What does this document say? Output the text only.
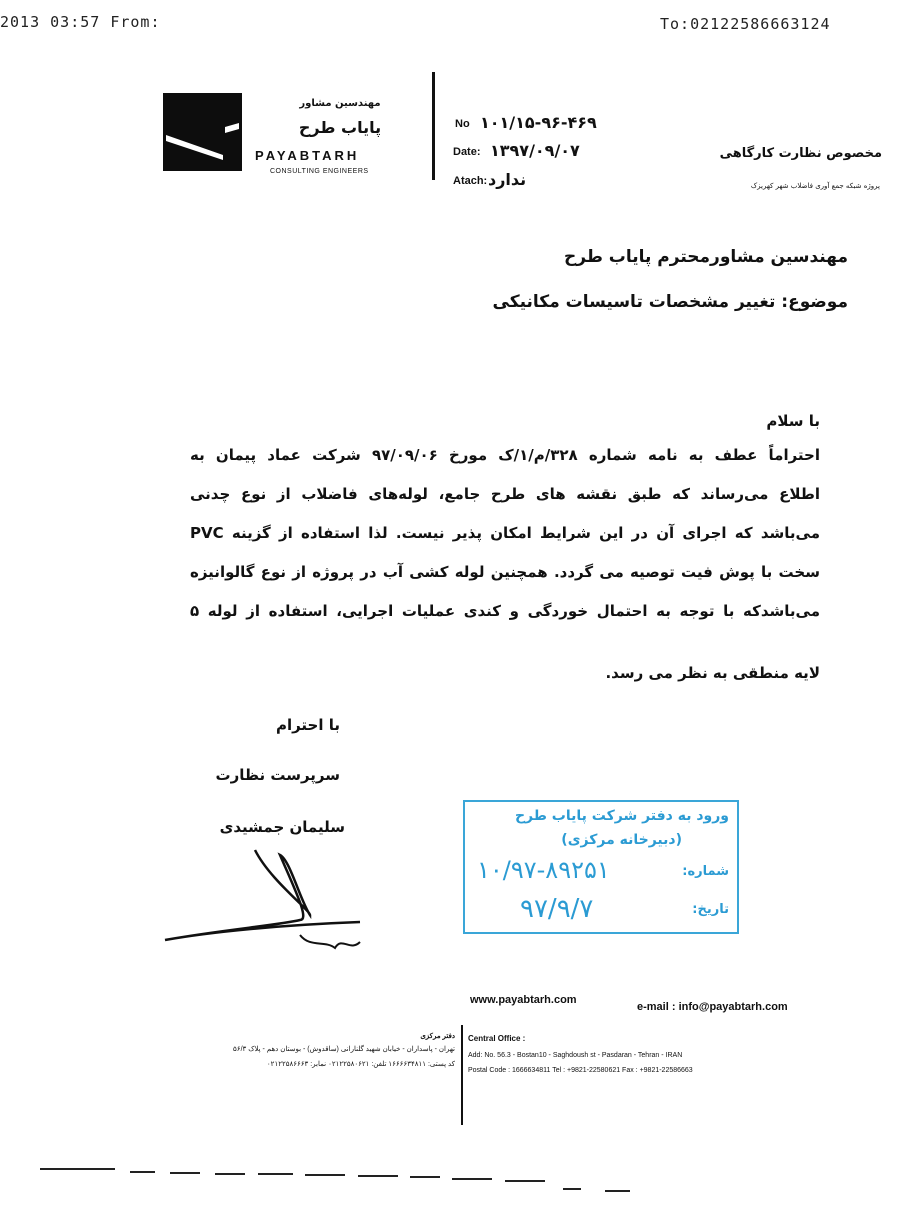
2013 03:57 From:	To:02122586663124
مهندسین مشاور
پایاب طرح
PAYABTARH
CONSULTING ENGINEERS
No ۱۰۱/۱۵-۹۶-۴۶۹
Date: ۱۳۹۷/۰۹/۰۷
Atach: ندارد
مخصوص نظارت کارگاهی
پروژه شبکه جمع آوری فاضلاب شهر کهریزک
مهندسین مشاورمحترم پایاب طرح
موضوع: تغییر مشخصات تاسیسات مکانیکی
با سلام
احتراماً عطف به نامه شماره ۳۲۸/م/۱/ک مورخ ۹۷/۰۹/۰۶ شرکت عماد پیمان به
اطلاع می‌رساند که طبق نقشه های طرح جامع، لوله‌های فاضلاب از نوع چدنی
می‌باشد که اجرای آن در این شرایط امکان پذیر نیست. لذا استفاده از گزینه PVC
سخت با پوش فیت توصیه می گردد. همچنین لوله کشی آب در پروژه از نوع گالوانیزه
می‌باشدکه با توجه به احتمال خوردگی و کندی عملیات اجرایی، استفاده از لوله ۵
لایه منطقی به نظر می رسد.
با احترام
سرپرست نظارت
سلیمان جمشیدی
ورود به دفتر شرکت پایاب طرح
(دبیرخانه مرکزی)
شماره:
۱۰/۹۷-۸۹۲۵۱
تاریخ:
۹۷/۹/۷
www.payabtarh.com
e-mail : info@payabtarh.com
Central Office :
Add: No. 56.3 - Bostan10 - Saghdoush st - Pasdaran - Tehran - IRAN
Postal Code : 1666634811 Tel : +9821-22580621 Fax : +9821-22586663
دفتر مرکزی
تهران - پاسداران - خیابان شهید گلنارانی (ساقدوش) - بوستان دهم - پلاک ۵۶/۳
کد پستی: ۱۶۶۶۶۳۴۸۱۱ تلفن: ۰۲۱۲۲۵۸۰۶۲۱ نمابر: ۰۲۱۲۲۵۸۶۶۶۳
